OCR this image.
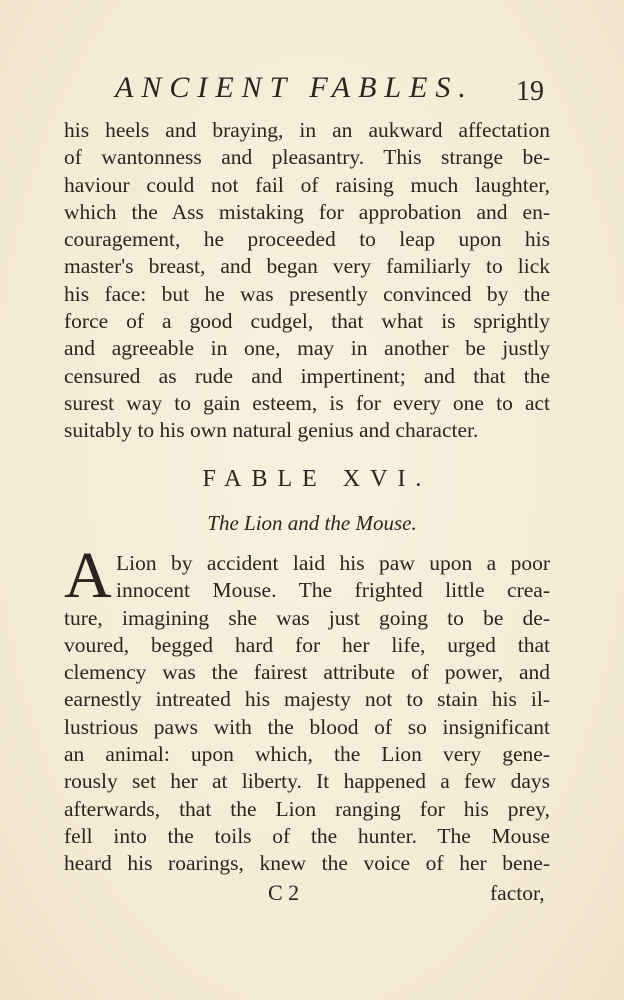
ANCIENT FABLES. 19
his heels and braying, in an aukward affectation
of wantonness and pleasantry. This strange be-
haviour could not fail of raising much laughter,
which the Ass mistaking for approbation and en-
couragement, he proceeded to leap upon his
master's breast, and began very familiarly to lick
his face: but he was presently convinced by the
force of a good cudgel, that what is sprightly
and agreeable in one, may in another be justly
censured as rude and impertinent; and that the
surest way to gain esteem, is for every one to act
suitably to his own natural genius and character.
FABLE XVI.
The Lion and the Mouse.
A Lion by accident laid his paw upon a poor
innocent Mouse. The frighted little crea-
ture, imagining she was just going to be de-
voured, begged hard for her life, urged that
clemency was the fairest attribute of power, and
earnestly intreated his majesty not to stain his il-
lustrious paws with the blood of so insignificant
an animal: upon which, the Lion very gene-
rously set her at liberty. It happened a few days
afterwards, that the Lion ranging for his prey,
fell into the toils of the hunter. The Mouse
heard his roarings, knew the voice of her bene-
C 2	factor,
